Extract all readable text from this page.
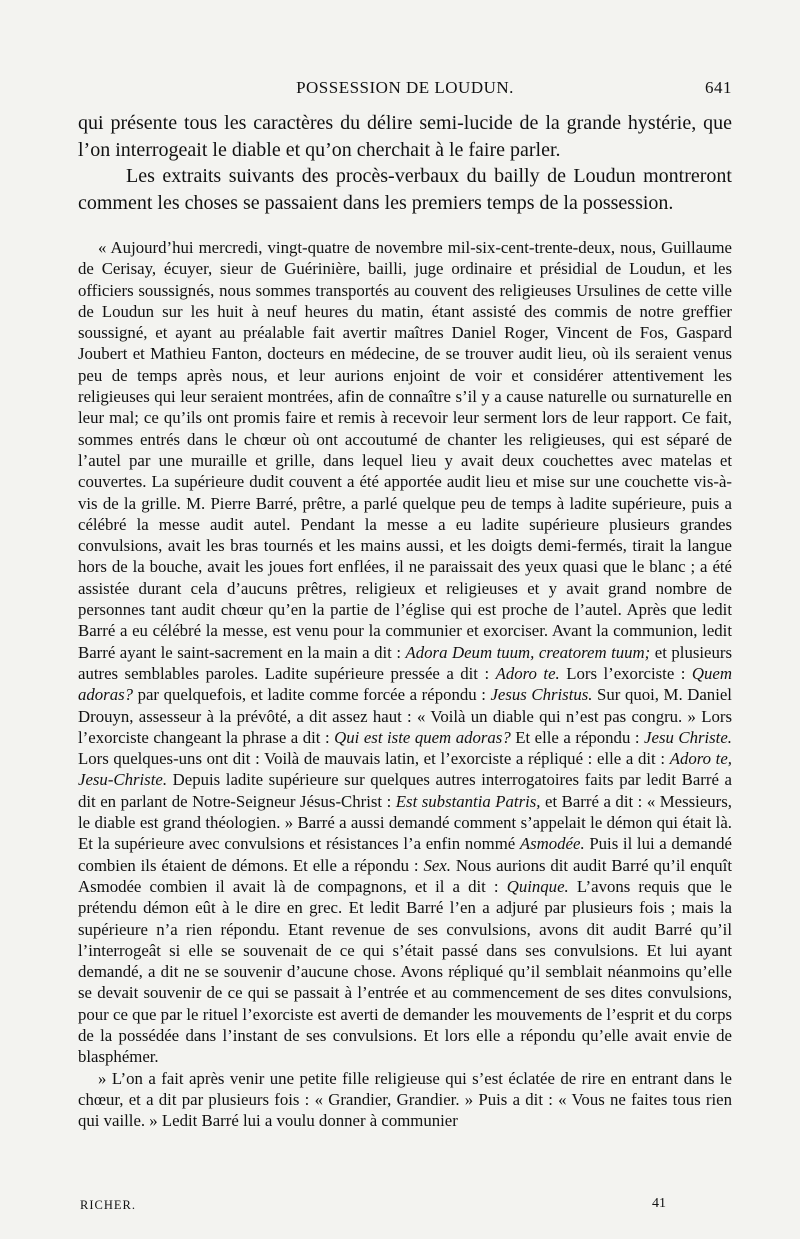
POSSESSION DE LOUDUN.	641

qui présente tous les caractères du délire semi-lucide de la grande hystérie, que l’on interrogeait le diable et qu’on cherchait à le faire parler.

Les extraits suivants des procès-verbaux du bailly de Loudun montreront comment les choses se passaient dans les premiers temps de la possession.

« Aujourd’hui mercredi, vingt-quatre de novembre mil-six-cent-trente-deux, nous, Guillaume de Cerisay, écuyer, sieur de Guérinière, bailli, juge ordinaire et présidial de Loudun, et les officiers soussignés, nous sommes transportés au couvent des religieuses Ursulines de cette ville de Loudun sur les huit à neuf heures du matin, étant assisté des commis de notre greffier soussigné, et ayant au préalable fait avertir maîtres Daniel Roger, Vincent de Fos, Gaspard Joubert et Mathieu Fanton, docteurs en médecine, de se trouver audit lieu, où ils seraient venus peu de temps après nous, et leur aurions enjoint de voir et considérer attentivement les religieuses qui leur seraient montrées, afin de connaître s’il y a cause naturelle ou surnaturelle en leur mal; ce qu’ils ont promis faire et remis à recevoir leur serment lors de leur rapport. Ce fait, sommes entrés dans le chœur où ont accoutumé de chanter les religieuses, qui est séparé de l’autel par une muraille et grille, dans lequel lieu y avait deux couchettes avec matelas et couvertes. La supérieure dudit couvent a été apportée audit lieu et mise sur une couchette vis-à-vis de la grille. M. Pierre Barré, prêtre, a parlé quelque peu de temps à ladite supérieure, puis a célébré la messe audit autel. Pendant la messe a eu ladite supérieure plusieurs grandes convulsions, avait les bras tournés et les mains aussi, et les doigts demi-fermés, tirait la langue hors de la bouche, avait les joues fort enflées, il ne paraissait des yeux quasi que le blanc ; a été assistée durant cela d’aucuns prêtres, religieux et religieuses et y avait grand nombre de personnes tant audit chœur qu’en la partie de l’église qui est proche de l’autel. Après que ledit Barré a eu célébré la messe, est venu pour la communier et exorciser. Avant la communion, ledit Barré ayant le saint-sacrement en la main a dit : Adora Deum tuum, creatorem tuum; et plusieurs autres semblables paroles. Ladite supérieure pressée a dit : Adoro te. Lors l’exorciste : Quem adoras? par quelquefois, et ladite comme forcée a répondu : Jesus Christus. Sur quoi, M. Daniel Drouyn, assesseur à la prévôté, a dit assez haut : « Voilà un diable qui n’est pas congru. » Lors l’exorciste changeant la phrase a dit : Qui est iste quem adoras? Et elle a répondu : Jesu Christe. Lors quelques-uns ont dit : Voilà de mauvais latin, et l’exorciste a répliqué : elle a dit : Adoro te, Jesu-Christe. Depuis ladite supérieure sur quelques autres interrogatoires faits par ledit Barré a dit en parlant de Notre-Seigneur Jésus-Christ : Est substantia Patris, et Barré a dit : « Messieurs, le diable est grand théologien. » Barré a aussi demandé comment s’appelait le démon qui était là. Et la supérieure avec convulsions et résistances l’a enfin nommé Asmodée. Puis il lui a demandé combien ils étaient de démons. Et elle a répondu : Sex. Nous aurions dit audit Barré qu’il enquît Asmodée combien il avait là de compagnons, et il a dit : Quinque. L’avons requis que le prétendu démon eût à le dire en grec. Et ledit Barré l’en a adjuré par plusieurs fois ; mais la supérieure n’a rien répondu. Etant revenue de ses convulsions, avons dit audit Barré qu’il l’interrogeât si elle se souvenait de ce qui s’était passé dans ses convulsions. Et lui ayant demandé, a dit ne se souvenir d’aucune chose. Avons répliqué qu’il semblait néanmoins qu’elle se devait souvenir de ce qui se passait à l’entrée et au commencement de ses dites convulsions, pour ce que par le rituel l’exorciste est averti de demander les mouvements de l’esprit et du corps de la possédée dans l’instant de ses convulsions. Et lors elle a répondu qu’elle avait envie de blasphémer.

» L’on a fait après venir une petite fille religieuse qui s’est éclatée de rire en entrant dans le chœur, et a dit par plusieurs fois : « Grandier, Grandier. » Puis a dit : « Vous ne faites tous rien qui vaille. » Ledit Barré lui a voulu donner à communier

RICHER.	41
